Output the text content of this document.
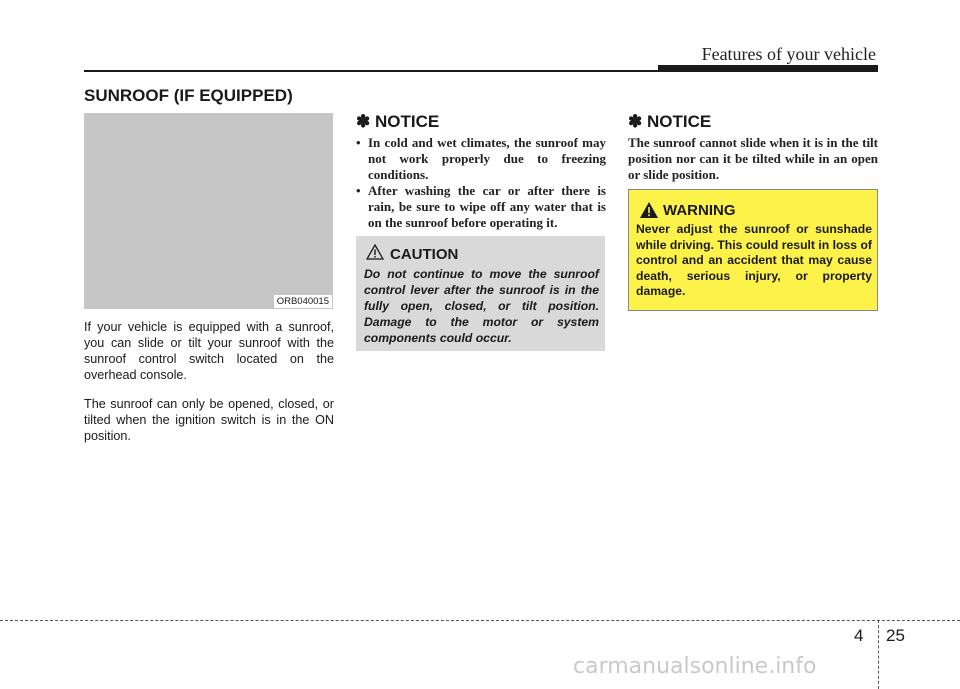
Features of your vehicle
SUNROOF (IF EQUIPPED)
ORB040015

If your vehicle is equipped with a sunroof, you can slide or tilt your sunroof with the sunroof control switch located on the overhead console.

The sunroof can only be opened, closed, or tilted when the ignition switch is in the ON position.

✽ NOTICE
• In cold and wet climates, the sunroof may not work properly due to freezing conditions.
• After washing the car or after there is rain, be sure to wipe off any water that is on the sunroof before operating it.
CAUTION

Do not continue to move the sunroof control lever after the sunroof is in the fully open, closed, or tilt position. Damage to the motor or system components could occur.

✽ NOTICE

The sunroof cannot slide when it is in the tilt position nor can it be tilted while in an open or slide position.

WARNING

Never adjust the sunroof or sunshade while driving. This could result in loss of control and an accident that may cause death, serious injury, or property damage.

4 25
carmanualsonline.info
